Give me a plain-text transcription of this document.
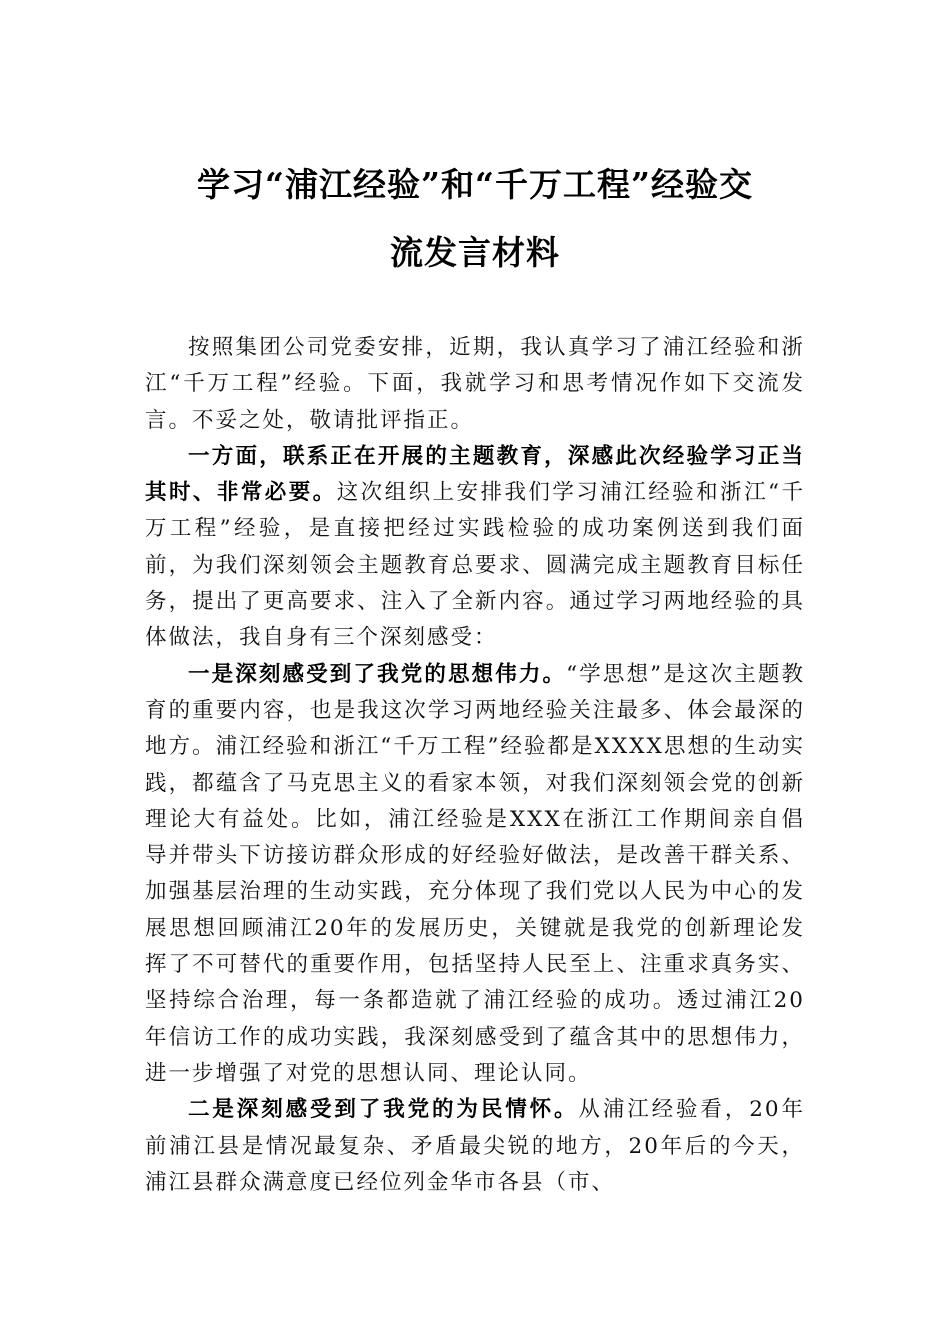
学习“浦江经验”和“千万工程”经验交
流发言材料

按照集团公司党委安排，近期，我认真学习了浦江经验和浙江“千万工程”经验。下面，我就学习和思考情况作如下交流发言。不妥之处，敬请批评指正。

一方面，联系正在开展的主题教育，深感此次经验学习正当其时、非常必要。这次组织上安排我们学习浦江经验和浙江“千万工程”经验，是直接把经过实践检验的成功案例送到我们面前，为我们深刻领会主题教育总要求、圆满完成主题教育目标任务，提出了更高要求、注入了全新内容。通过学习两地经验的具体做法，我自身有三个深刻感受：

一是深刻感受到了我党的思想伟力。“学思想”是这次主题教育的重要内容，也是我这次学习两地经验关注最多、体会最深的地方。浦江经验和浙江“千万工程”经验都是XXXX思想的生动实践，都蕴含了马克思主义的看家本领，对我们深刻领会党的创新理论大有益处。比如，浦江经验是XXX在浙江工作期间亲自倡导并带头下访接访群众形成的好经验好做法，是改善干群关系、加强基层治理的生动实践，充分体现了我们党以人民为中心的发展思想回顾浦江20年的发展历史，关键就是我党的创新理论发挥了不可替代的重要作用，包括坚持人民至上、注重求真务实、坚持综合治理，每一条都造就了浦江经验的成功。透过浦江20年信访工作的成功实践，我深刻感受到了蕴含其中的思想伟力，进一步增强了对党的思想认同、理论认同。

二是深刻感受到了我党的为民情怀。从浦江经验看，20年前浦江县是情况最复杂、矛盾最尖锐的地方，20年后的今天，浦江县群众满意度已经位列金华市各县（市、
